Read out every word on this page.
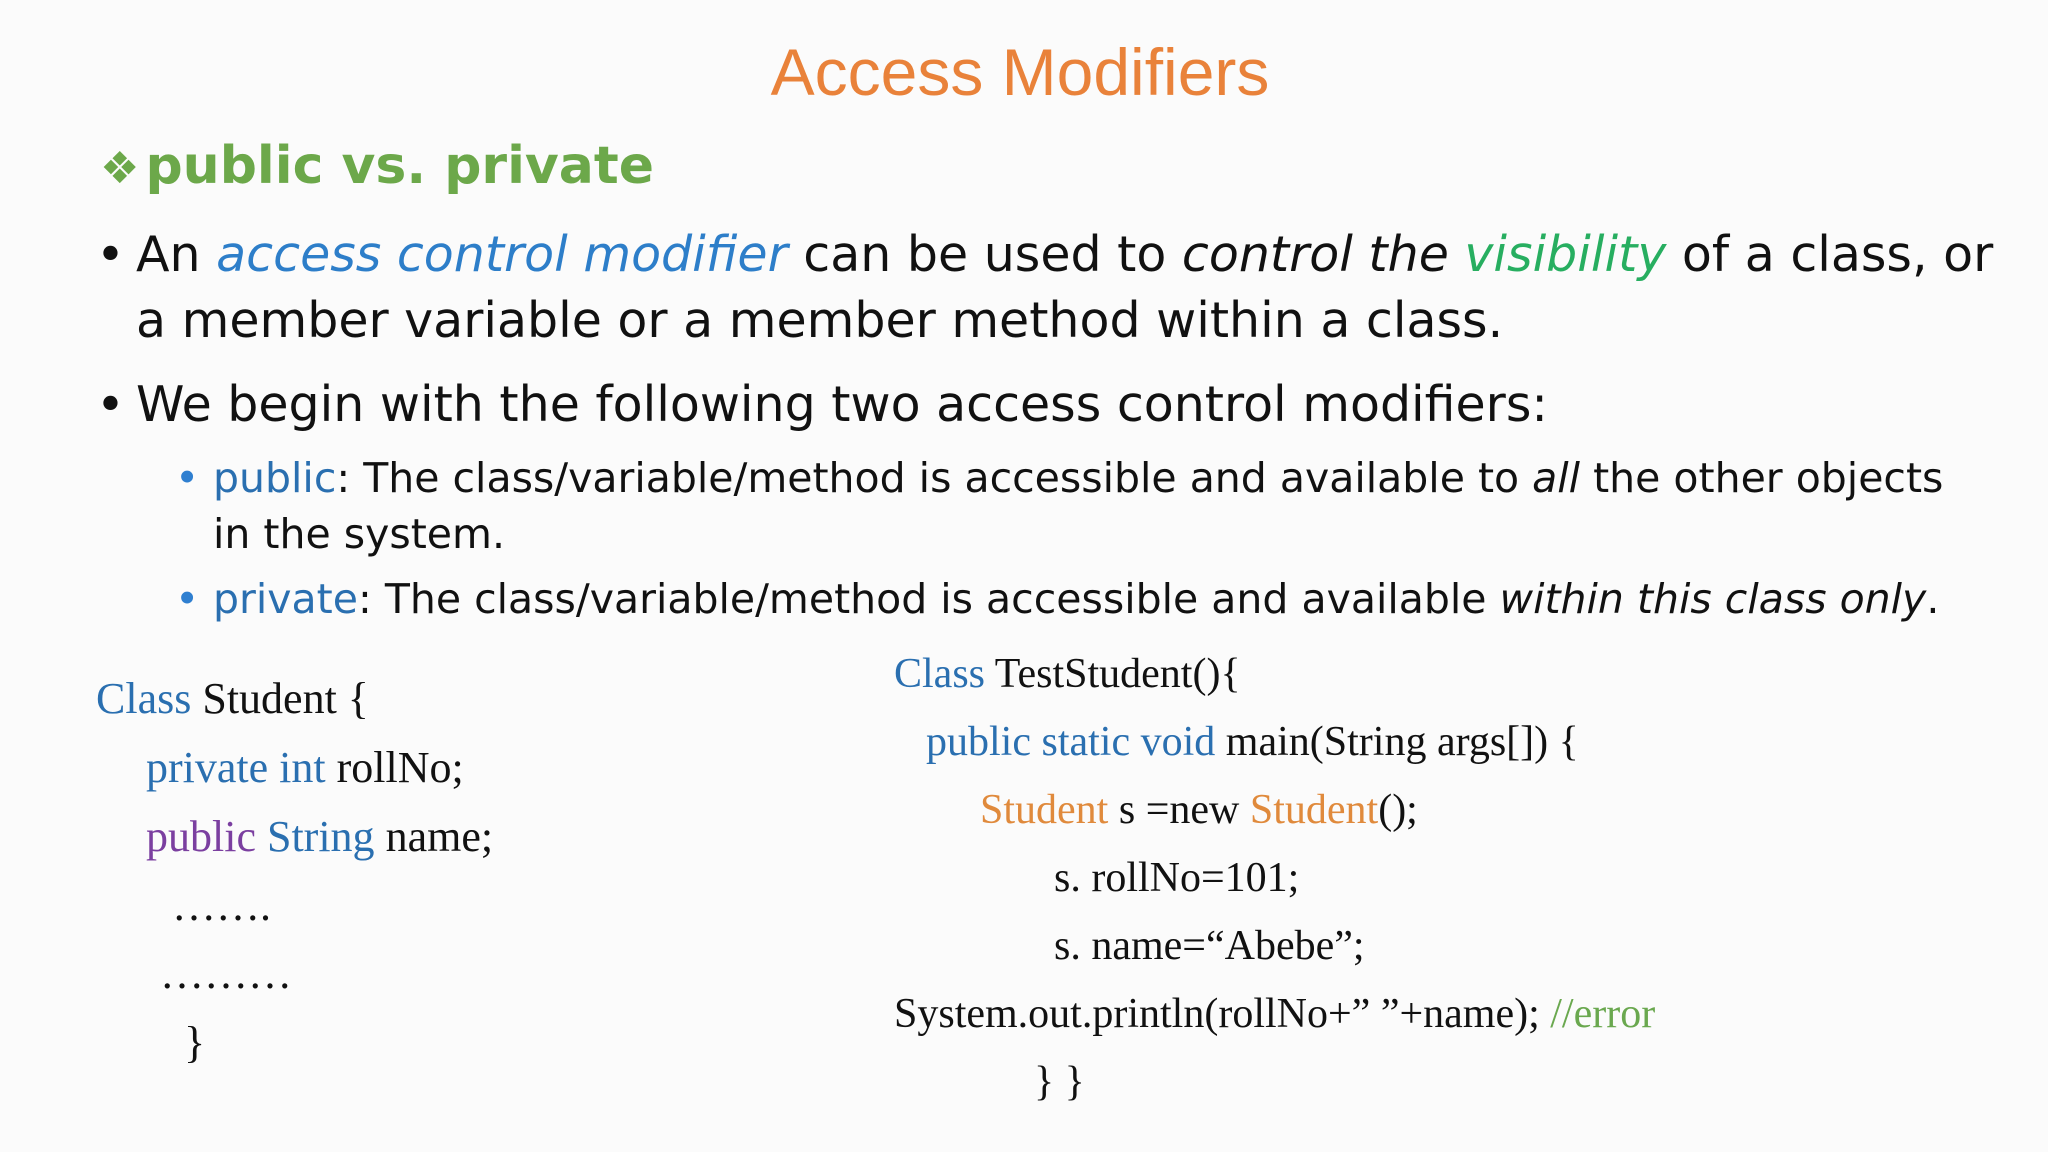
Access Modifiers
❖ public vs. private
• An access control modifier can be used to control the visibility of a class, or
a member variable or a member method within a class.
• We begin with the following two access control modifiers:
• public: The class/variable/method is accessible and available to all the other objects
in the system.
• private: The class/variable/method is accessible and available within this class only.
Class Student {
private int rollNo;
public String name;
…….
………
}
Class TestStudent(){
public static void main(String args[]) {
Student s =new Student();
s. rollNo=101;
s. name=“Abebe”;
System.out.println(rollNo+” ”+name); //error
} }
